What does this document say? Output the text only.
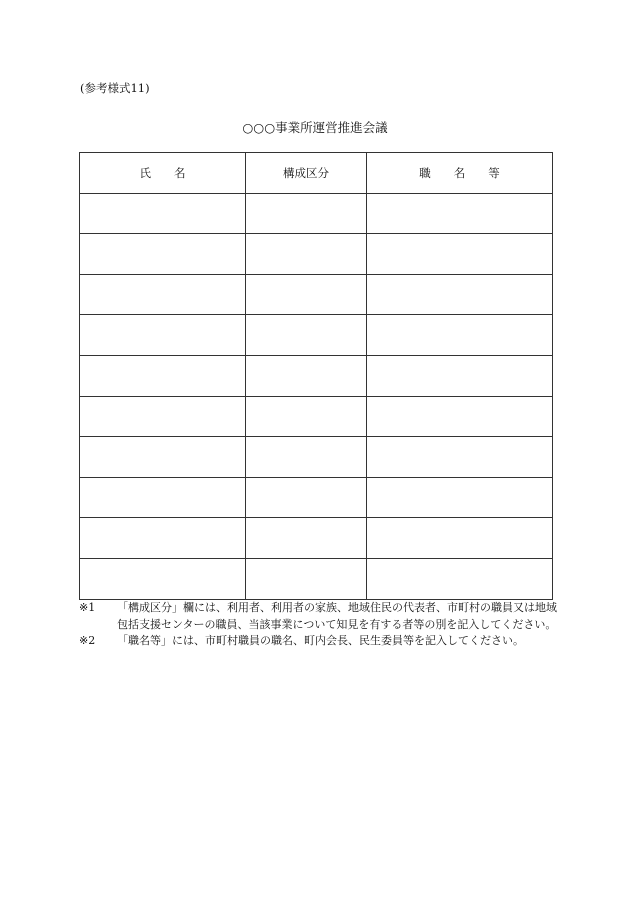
(参考様式11)

○○○事業所運営推進会議
氏　　名	構成区分	職　　名　　等

※1	「構成区分」欄には、利用者、利用者の家族、地域住民の代表者、市町村の職員又は地域包括支援センターの職員、当該事業について知見を有する者等の別を記入してください。

※2	「職名等」には、市町村職員の職名、町内会長、民生委員等を記入してください。
